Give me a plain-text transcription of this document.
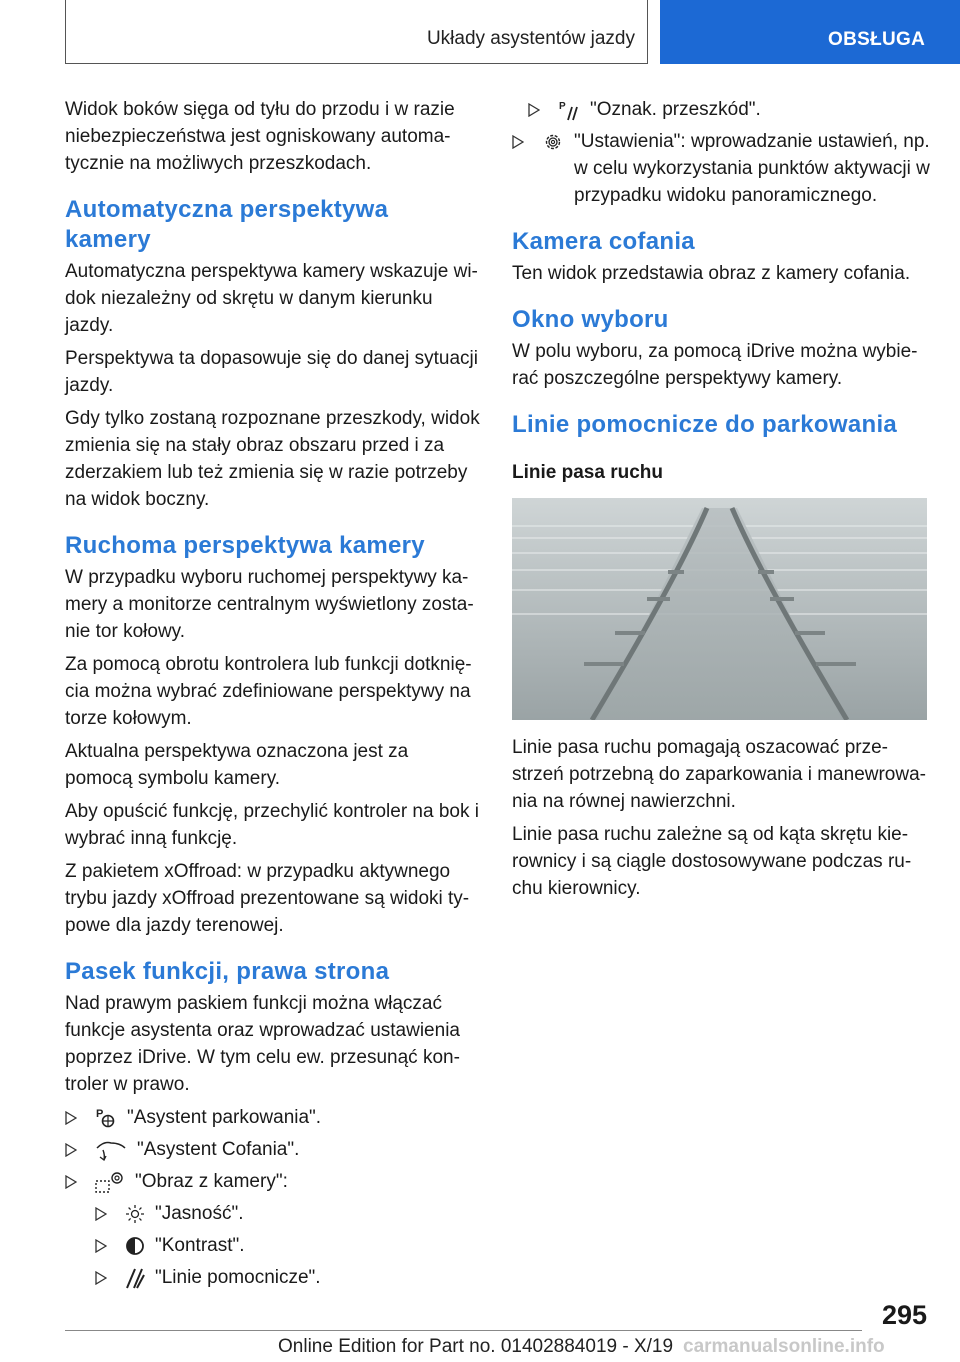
Układy asystentów jazdy	OBSŁUGA

Widok boków sięga od tyłu do przodu i w razie niebezpieczeństwa jest ogniskowany automatycznie na możliwych przeszkodach.

Automatyczna perspektywa kamery

Automatyczna perspektywa kamery wskazuje widok niezależny od skrętu w danym kierunku jazdy.

Perspektywa ta dopasowuje się do danej sytuacji jazdy.

Gdy tylko zostaną rozpoznane przeszkody, widok zmienia się na stały obraz obszaru przed i za zderzakiem lub też zmienia się w razie potrzeby na widok boczny.

Ruchoma perspektywa kamery

W przypadku wyboru ruchomej perspektywy kamery a monitorze centralnym wyświetlony zostanie tor kołowy.

Za pomocą obrotu kontrolera lub funkcji dotknięcia można wybrać zdefiniowane perspektywy na torze kołowym.

Aktualna perspektywa oznaczona jest za pomocą symbolu kamery.

Aby opuścić funkcję, przechylić kontroler na bok i wybrać inną funkcję.

Z pakietem xOffroad: w przypadku aktywnego trybu jazdy xOffroad prezentowane są widoki typowe dla jazdy terenowej.

Pasek funkcji, prawa strona

Nad prawym paskiem funkcji można włączać funkcje asystenta oraz wprowadzać ustawienia poprzez iDrive. W tym celu ew. przesunąć kontroler w prawo.

P "Asystent parkowania".
"Asystent Cofania".
"Obraz z kamery":
"Jasność".
"Kontrast".
"Linie pomocnicze".
P "Oznak. przeszkód".
"Ustawienia": wprowadzanie ustawień, np. w celu wykorzystania punktów aktywacji w przypadku widoku panoramicznego.
Kamera cofania

Ten widok przedstawia obraz z kamery cofania.

Okno wyboru

W polu wyboru, za pomocą iDrive można wybierać poszczególne perspektywy kamery.

Linie pomocnicze do parkowania
Linie pasa ruchu

Linie pasa ruchu pomagają oszacować przestrzeń potrzebną do zaparkowania i manewrowania na równej nawierzchni.

Linie pasa ruchu zależne są od kąta skrętu kierownicy i są ciągle dostosowywane podczas ruchu kierownicy.

295
Online Edition for Part no. 01402884019 - X/19 carmanualsonline.info
